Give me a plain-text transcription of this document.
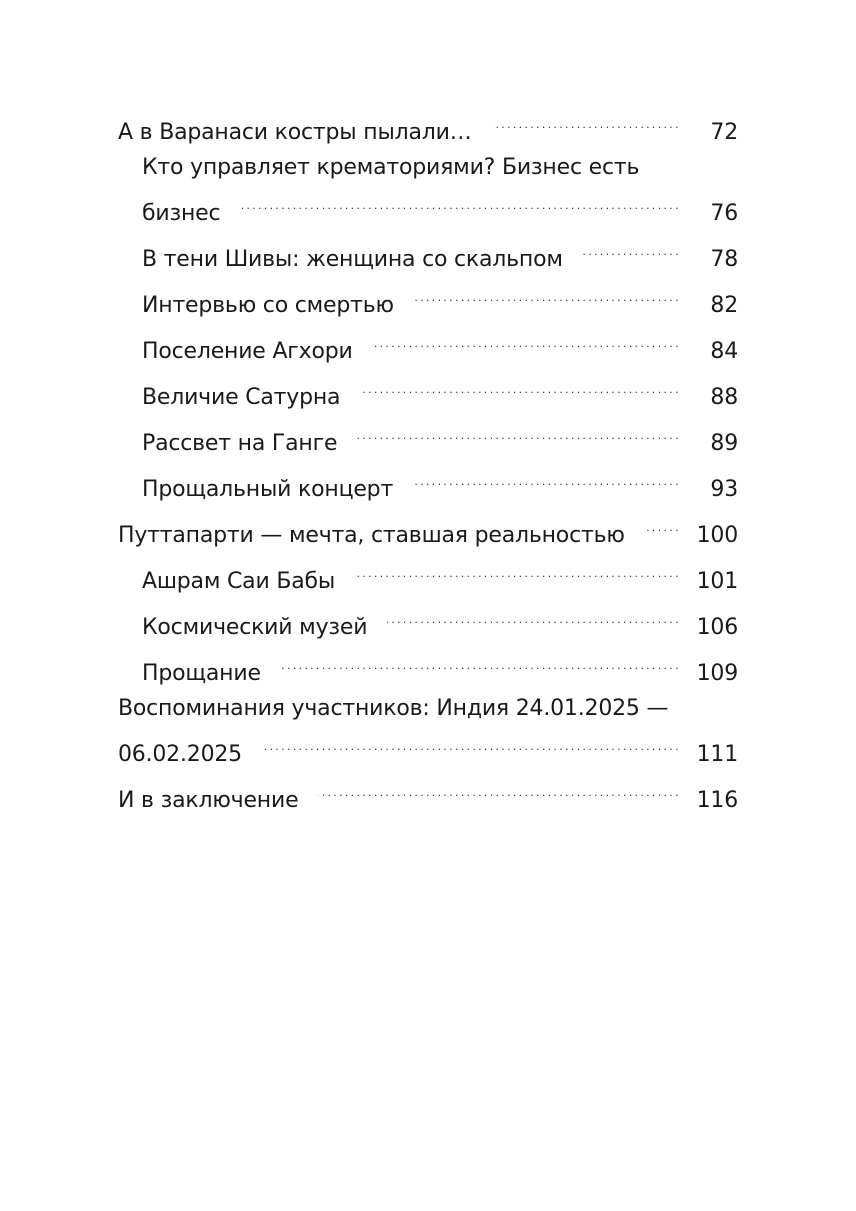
А в Варанаси костры пылали… . . .	72
Кто управляет крематориями? Бизнес есть
бизнес . . .	76
В тени Шивы: женщина со скальпом . . .	78
Интервью со смертью . . .	82
Поселение Агхори . . .	84
Величие Сатурна . . .	88
Рассвет на Ганге . . .	89
Прощальный концерт . . .	93
Путтапарти — мечта, ставшая реальностью . . .	100
Ашрам Саи Бабы . . .	101
Космический музей . . .	106
Прощание . . .	109
Воспоминания участников: Индия 24.01.2025 —
06.02.2025 . . .	111
И в заключение . . .	116
